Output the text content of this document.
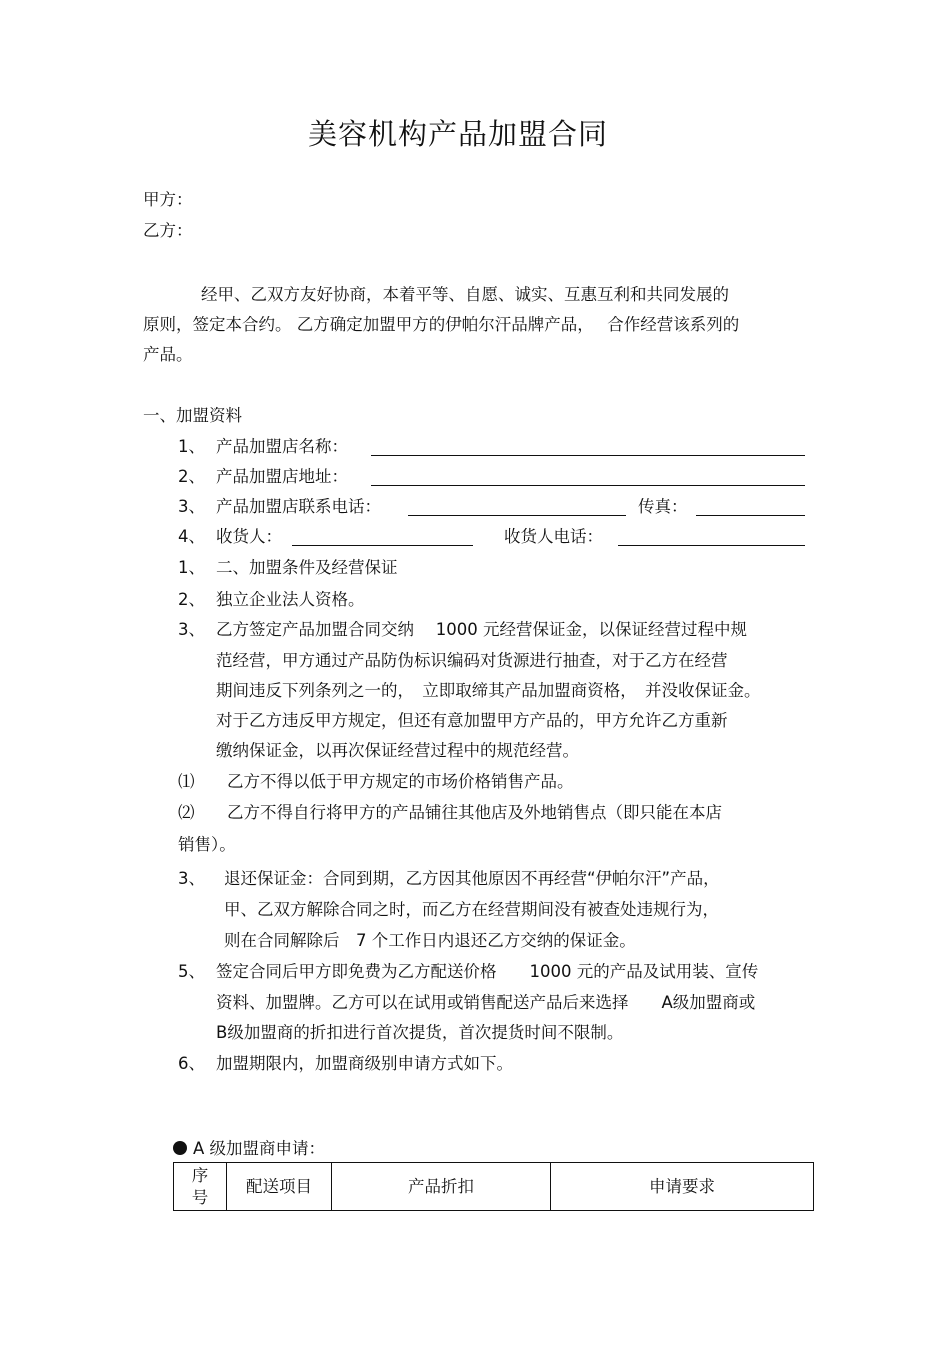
美容机构产品加盟合同
甲方：
乙方：
经甲、乙双方友好协商，本着平等、自愿、诚实、互惠互利和共同发展的
原则，签定本合约。 乙方确定加盟甲方的伊帕尔汗品牌产品，　 合作经营该系列的
产品。
一、加盟资料
1、 产品加盟店名称：
2、 产品加盟店地址：
3、 产品加盟店联系电话：	传真：
4、 收货人：	收货人电话：
1、 二、加盟条件及经营保证
2、 独立企业法人资格。
3、 乙方签定产品加盟合同交纳　 1000 元经营保证金，以保证经营过程中规
范经营，甲方通过产品防伪标识编码对货源进行抽查，对于乙方在经营
期间违反下列条列之一的，　立即取缔其产品加盟商资格，　并没收保证金。
对于乙方违反甲方规定，但还有意加盟甲方产品的，甲方允许乙方重新
缴纳保证金，以再次保证经营过程中的规范经营。
⑴ 乙方不得以低于甲方规定的市场价格销售产品。
⑵ 乙方不得自行将甲方的产品铺往其他店及外地销售点（即只能在本店
销售）。
3、 退还保证金：合同到期，乙方因其他原因不再经营“伊帕尔汗”产品，
甲、乙双方解除合同之时，而乙方在经营期间没有被查处违规行为，
则在合同解除后　7 个工作日内退还乙方交纳的保证金。
5、 签定合同后甲方即免费为乙方配送价格　　1000 元的产品及试用装、宣传
资料、加盟牌。乙方可以在试用或销售配送产品后来选择　　A级加盟商或
B级加盟商的折扣进行首次提货，首次提货时间不限制。
6、 加盟期限内，加盟商级别申请方式如下。
A 级加盟商申请：
序
号	配送项目	产品折扣	申请要求
